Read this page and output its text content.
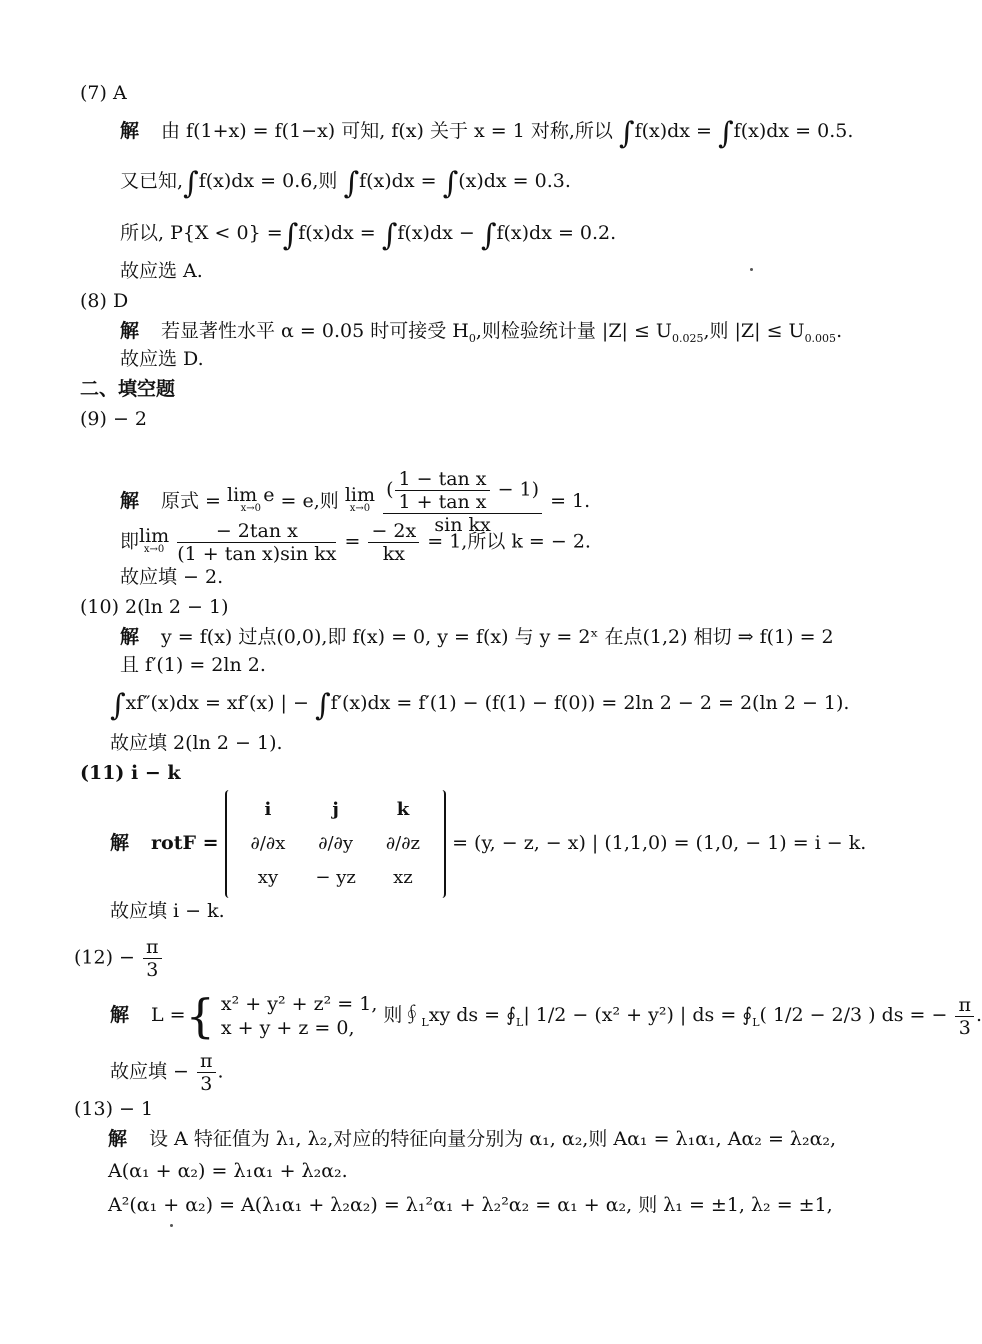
(7) A
解 由 f(1+x) = f(1−x) 可知, f(x) 关于 x = 1 对称,所以 ∫f(x)dx = ∫f(x)dx = 0.5.
又已知,∫f(x)dx = 0.6,则 ∫f(x)dx = ∫(x)dx = 0.3.
所以, P{X < 0} =∫f(x)dx = ∫f(x)dx − ∫f(x)dx = 0.2.
故应选 A.
(8) D
解 若显著性水平 α = 0.05 时可接受 $H_0$,则检验统计量 $|Z| \le U_{0.025}$,则 $|Z| \le U_{0.005}$.
故应选 D.
二、填空题
(9) − 2
解 原式 = lim e
x→0	= e,则 lim
x→0
$\frac{( \frac{\text{1 − tan x}}{\text{1 + tan x}} - 1)}{\text{sin kx}} = 1$.
即lim
x→0
$\frac{\text{− 2tan x}}{\text{(1 + tan x)sin kx}} = \frac{- 2x}{kx} = 1$,所以 k = − 2.
故应填 − 2.
(10) 2(ln 2 − 1)
解 y = f(x) 过点(0,0),即 f(x) = 0, y = f(x) 与 y = 2ˣ 在点(1,2) 相切 ⇒ f(1) = 2
且 f′(1) = 2ln 2.
∫xf″(x)dx = xf′(x) | − ∫f′(x)dx = f′(1) − (f(1) − f(0)) = 2ln 2 − 2 = 2(ln 2 − 1).
故应填 2(ln 2 − 1).
(11) i − k
解 rotF = i	j	k
∂/∂x	∂/∂y	∂/∂z
xy	− yz	xz = (y, − z, − x) | (1,1,0) = (1,0, − 1) = i − k.
故应填 i − k.
$(12) - \frac{\pi}{3}$
解 L ={ x² + y² + z² = 1,
x + y + z = 0, 则$∮_Lxy$ ds = $∮_L|$ 1/2 − (x² + y²) | ds = $∮_L$( 1/2 − 2/3 ) ds = − $\frac{\pi}{3}$ .
故应填 − $\frac{\pi}{3}$ .
(13) − 1
解 设 A 特征值为 λ₁, λ₂,对应的特征向量分别为 α₁, α₂,则 Aα₁ = λ₁α₁, Aα₂ = λ₂α₂,
A(α₁ + α₂) = λ₁α₁ + λ₂α₂.
A²(α₁ + α₂) = A(λ₁α₁ + λ₂α₂) = λ₁²α₁ + λ₂²α₂ = α₁ + α₂, 则 λ₁ = ±1, λ₂ = ±1,
